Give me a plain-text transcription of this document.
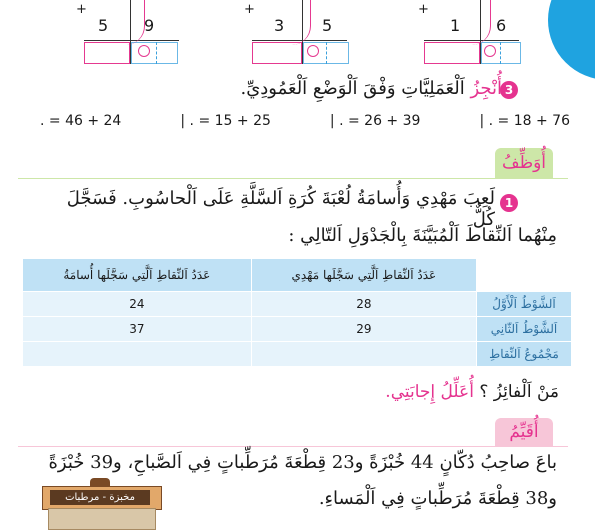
+
5 9
+
3 5
+
1 6
3
أُنْجِزُ اَلْعَمَلِيَّاتِ وَفْقَ اَلْوَضْعِ اَلْعَمُودِيِّ.
. = 46 + 24	| . = 15 + 25	| . = 26 + 39	| . = 18 + 76
أُوَظِّفُ
1
لَعِبَ مَهْدِي وَأُسامَةُ لُعْبَةَ كُرَةِ اَلسَّلَّةِ عَلَى اَلْحاسُوبِ. فَسَجَّلَ كُلٌّ
مِنْهُما اَلنِّقاطَ اَلْمُبَيَّنَةَ بِالْجَدْوَلِ اَلتّالِي :
	عَدَدُ اَلنِّقاطِ اَلَّتِي سَجَّلَها مَهْدِي	عَدَدُ اَلنِّقاطِ اَلَّتِي سَجَّلَها أُسامَةُ
اَلشَّوْطُ اَلْأَوَّلُ	28	24
اَلشَّوْطُ اَلثّانِي	29	37
مَجْمُوعُ اَلنِّقاطِ		
مَنْ اَلْفائِزُ ؟ أُعَلِّلُ إِجابَتِي.
أُقَيِّمُ
باعَ صاحِبُ دُكّانٍ 44 خُبْزَةً و23 قِطْعَةَ مُرَطِّباتٍ فِي اَلصَّباحِ، و39 خُبْزَةً
و38 قِطْعَةَ مُرَطِّباتٍ فِي اَلْمَساءِ.
مخبزة - مرطبات
